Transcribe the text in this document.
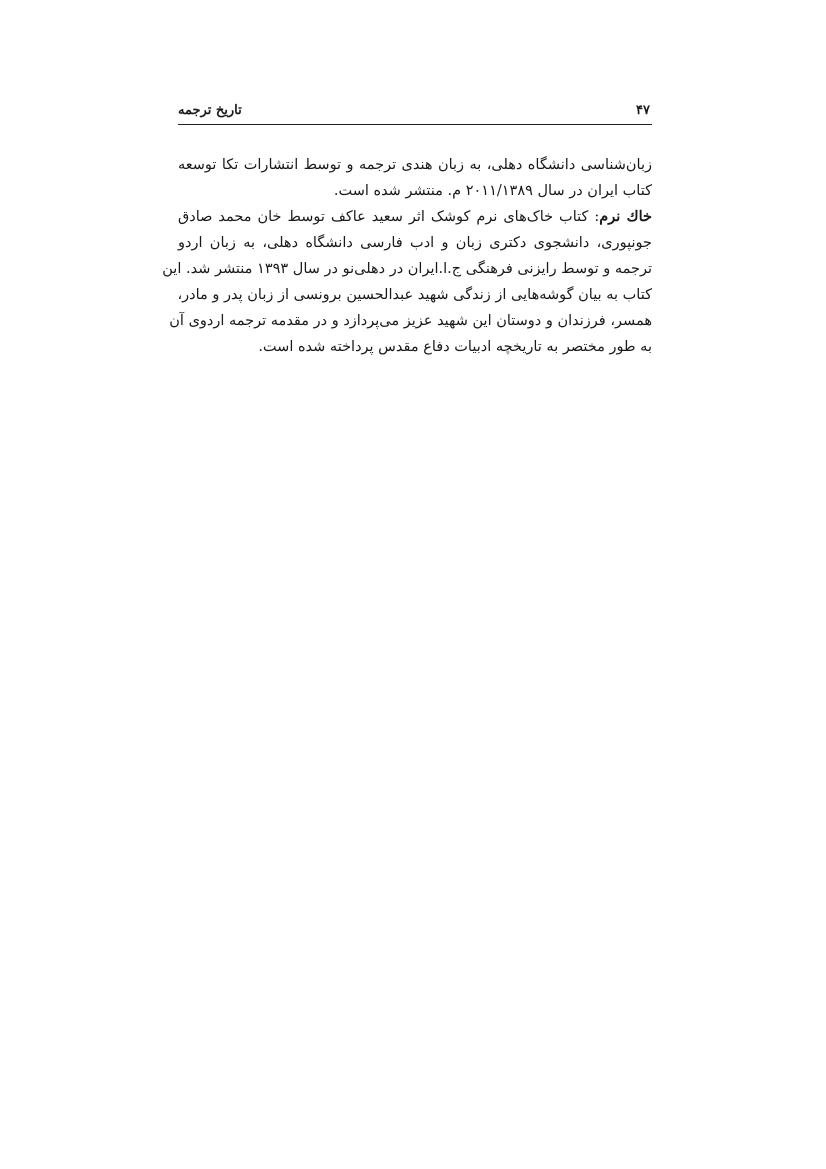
تاریخ ترجمه	۴۷
زبان‌شناسی دانشگاه دهلی، به زبان هندی ترجمه و توسط انتشارات تکا توسعه
کتاب ایران در سال ۲۰۱۱/۱۳۸۹ م. منتشر شده است.
ﺧﺎﻙ ﻧﺮﻡ: کتاب خاک‌های نرم کوشک اثر سعید عاکف توسط خان محمد صادق
جونپوری، دانشجوی دکتری زبان و ادب فارسی دانشگاه دهلی، به زبان اردو
ترجمه و توسط رایزنی فرهنگی ج.ا.ایران در دهلی‌نو در سال ۱۳۹۳ منتشر شد. این
کتاب به بیان گوشه‌هایی از زندگی شهید عبدالحسین برونسی از زبان پدر و مادر،
همسر، فرزندان و دوستان این شهید عزیز می‌پردازد و در مقدمه ترجمه اردوی آن
به طور مختصر به تاریخچه ادبیات دفاع مقدس پرداخته شده است.
